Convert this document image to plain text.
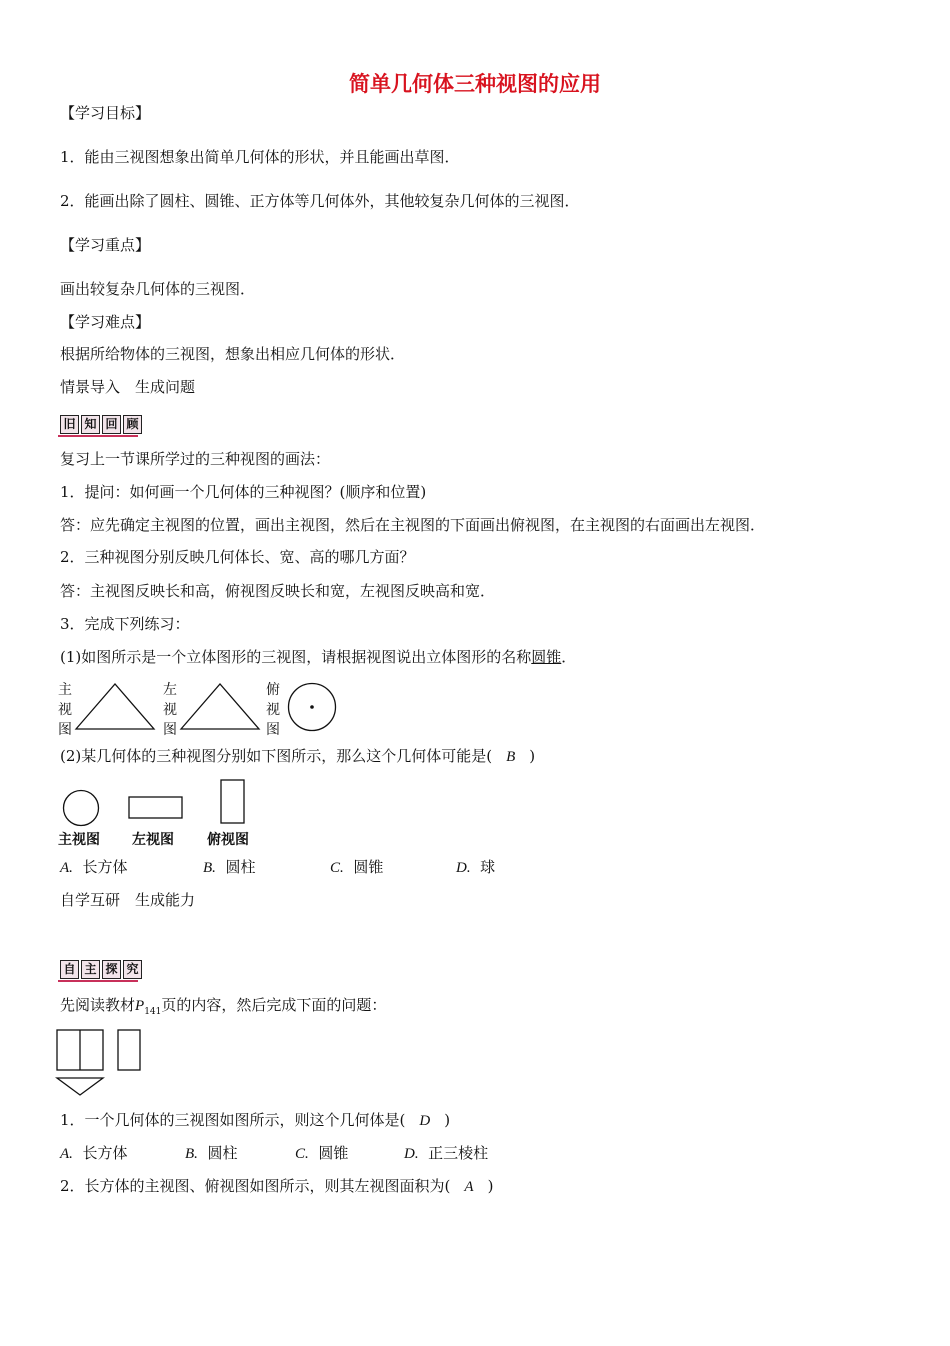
简单几何体三种视图的应用
【学习目标】
1．能由三视图想象出简单几何体的形状，并且能画出草图．
2．能画出除了圆柱、圆锥、正方体等几何体外，其他较复杂几何体的三视图．
【学习重点】
画出较复杂几何体的三视图．
【学习难点】
根据所给物体的三视图，想象出相应几何体的形状．
情景导入　生成问题
旧 知 回 顾
复习上一节课所学过的三种视图的画法：
1．提问：如何画一个几何体的三种视图？(顺序和位置)
答：应先确定主视图的位置，画出主视图，然后在主视图的下面画出俯视图，在主视图的右面画出左视图．
2．三种视图分别反映几何体长、宽、高的哪几方面？
答：主视图反映长和高，俯视图反映长和宽，左视图反映高和宽．
3．完成下列练习：
(1)如图所示是一个立体图形的三视图，请根据视图说出立体图形的名称圆锥．
主
视
图
左
视
图
俯
视
图
(2)某几何体的三种视图分别如下图所示，那么这个几何体可能是( B )
主视图 左视图 俯视图
A. 长方体	B. 圆柱	C. 圆锥	D. 球
自学互研　生成能力
自 主 探 究
先阅读教材$P_{141}$页的内容，然后完成下面的问题：
1．一个几何体的三视图如图所示，则这个几何体是( D )
A. 长方体	B. 圆柱	C. 圆锥	D. 正三棱柱
2．长方体的主视图、俯视图如图所示，则其左视图面积为( A )
